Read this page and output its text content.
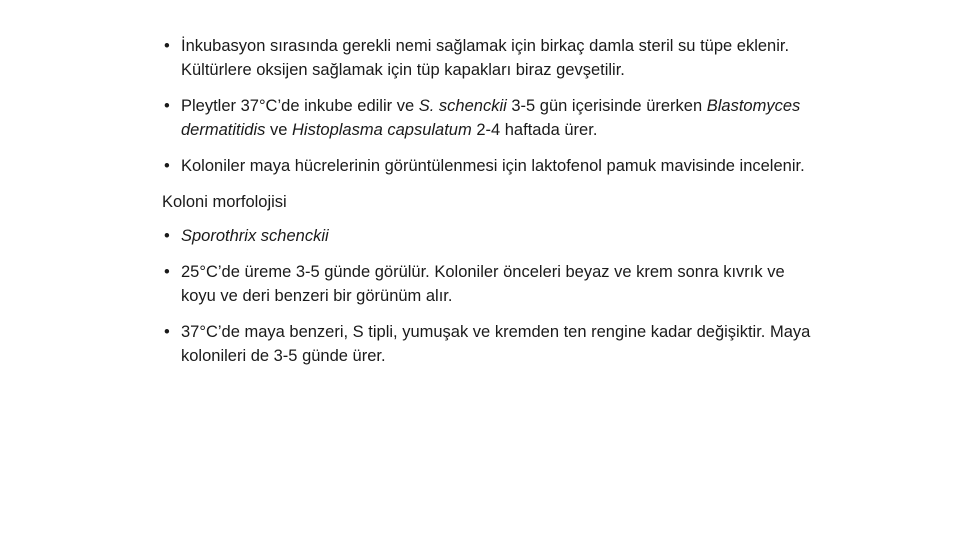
• İnkubasyon sırasında gerekli nemi sağlamak için birkaç damla steril su tüpe eklenir. Kültürlere oksijen sağlamak için tüp kapakları biraz gevşetilir.
• Pleytler 37°C’de inkube edilir ve S. schenckii 3-5 gün içerisinde ürerken Blastomyces dermatitidis ve Histoplasma capsulatum 2-4 haftada ürer.
• Koloniler maya hücrelerinin görüntülenmesi için laktofenol pamuk mavisinde incelenir.
Koloni morfolojisi
• Sporothrix schenckii
• 25°C’de üreme 3-5 günde görülür. Koloniler önceleri beyaz ve krem sonra kıvrık ve koyu ve deri benzeri bir görünüm alır.
• 37°C’de maya benzeri, S tipli, yumuşak ve kremden ten rengine kadar değişiktir. Maya kolonileri de 3-5 günde ürer.
